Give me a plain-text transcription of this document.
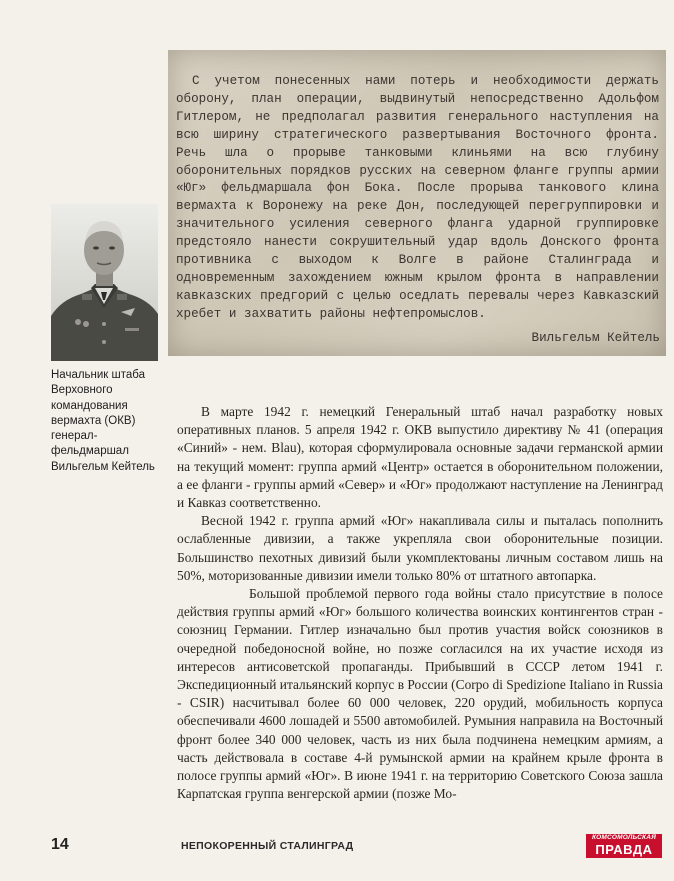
С учетом понесенных нами потерь и необходимости держать оборону, план операции, выдвинутый непосредственно Адольфом Гитлером, не предполагал развития генерального наступления на всю ширину стратегического развертывания Восточного фронта. Речь шла о прорыве танковыми клиньями на всю глубину оборонительных порядков русских на северном фланге группы армии «Юг» фельдмаршала фон Бока. После прорыва танкового клина вермахта к Воронежу на реке Дон, последующей перегруппировки и значительного усиления северного фланга ударной группировке предстояло нанести сокрушительный удар вдоль Донского фронта противника с выходом к Волге в районе Сталинграда и одновременным захождением южным крылом фронта в направлении кавказских предгорий с целью оседлать перевалы через Кавказский хребет и захватить районы нефтепромыслов.
Вильгельм Кейтель
Начальник штаба Верховного командования вермахта (ОКВ) генерал-фельдмаршал Вильгельм Кейтель

В марте 1942 г. немецкий Генеральный штаб начал разработку новых оперативных планов. 5 апреля 1942 г. ОКВ выпустило директиву № 41 (операция «Синий» - нем. Blau), которая сформулировала основные задачи германской армии на текущий момент: группа армий «Центр» остается в оборонительном положении, а ее фланги - группы армий «Север» и «Юг» продолжают наступление на Ленинград и Кавказ соответственно.

Весной 1942 г. группа армий «Юг» накапливала силы и пыталась пополнить ослабленные дивизии, а также укрепляла свои оборонительные позиции. Большинство пехотных дивизий были укомплектованы личным составом лишь на 50%, моторизованные дивизии имели только 80% от штатного автопарка.

Большой проблемой первого года войны стало присутствие в полосе действия группы армий «Юг» большого количества воинских контингентов стран - союзниц Германии. Гитлер изначально был против участия войск союзников в очередной победоносной войне, но позже согласился на их участие исходя из интересов антисоветской пропаганды. Прибывший в СССР летом 1941 г. Экспедиционный итальянский корпус в России (Corpo di Spedizione Italiano in Russia - CSIR) насчитывал более 60 000 человек, 220 орудий, мобильность корпуса обеспечивали 4600 лошадей и 5500 автомобилей. Румыния направила на Восточный фронт более 340 000 человек, часть из них была подчинена немецким армиям, а часть действовала в составе 4-й румынской армии на крайнем крыле фронта в полосе группы армий «Юг». В июне 1941 г. на территорию Советского Союза зашла Карпатская группа венгерской армии (позже Мо-

14	НЕПОКОРЕННЫЙ СТАЛИНГРАД
КОМСОМОЛЬСКАЯ
ПРАВДА
